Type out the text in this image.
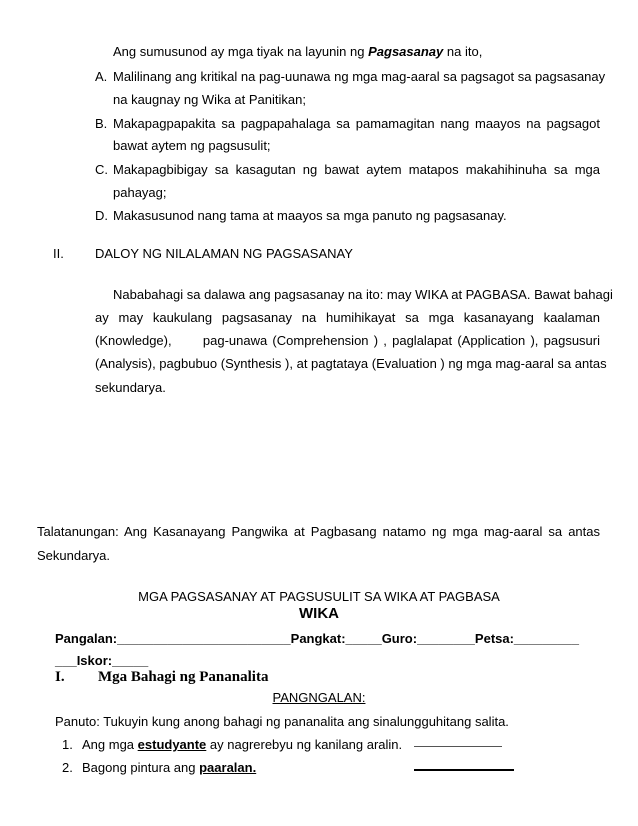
Ang sumusunod ay mga tiyak na layunin ng Pagsasanay na ito,
A. Malilinang ang kritikal na pag-uunawa ng mga mag-aaral sa pagsagot sa pagsasanay
na kaugnay ng Wika at Panitikan;
B. Makapagpapakita sa pagpapahalaga sa pamamagitan nang maayos na pagsagot
bawat aytem ng pagsusulit;
C. Makapagbibigay sa kasagutan ng bawat aytem matapos makahihinuha sa mga
pahayag;
D. Makasusunod nang tama at maayos sa mga panuto ng pagsasanay.
II. DALOY NG NILALAMAN NG PAGSASANAY
Nababahagi sa dalawa ang pagsasanay na ito: may WIKA at PAGBASA. Bawat bahagi
ay may kaukulang pagsasanay na humihikayat sa mga kasanayang kaalaman
(Knowledge),      pag-unawa (Comprehension ) , paglalapat (Application ), pagsusuri
(Analysis), pagbubuo (Synthesis ), at pagtataya (Evaluation ) ng mga mag-aaral sa antas
sekundarya.
Talatanungan: Ang Kasanayang Pangwika at Pagbasang natamo ng mga mag-aaral sa antas
Sekundarya.
MGA PAGSASANAY AT PAGSUSULIT SA WIKA AT PAGBASA
WIKA
Pangalan:________________________Pangkat:_____Guro:________Petsa:_________
___Iskor:_____
I. Mga Bahagi ng Pananalita
PANGNGALAN:
Panuto: Tukuyin kung anong bahagi ng pananalita ang sinalungguhitang salita.
1. Ang mga estudyante ay nagrerebyu ng kanilang aralin.
2. Bagong pintura ang paaralan.
